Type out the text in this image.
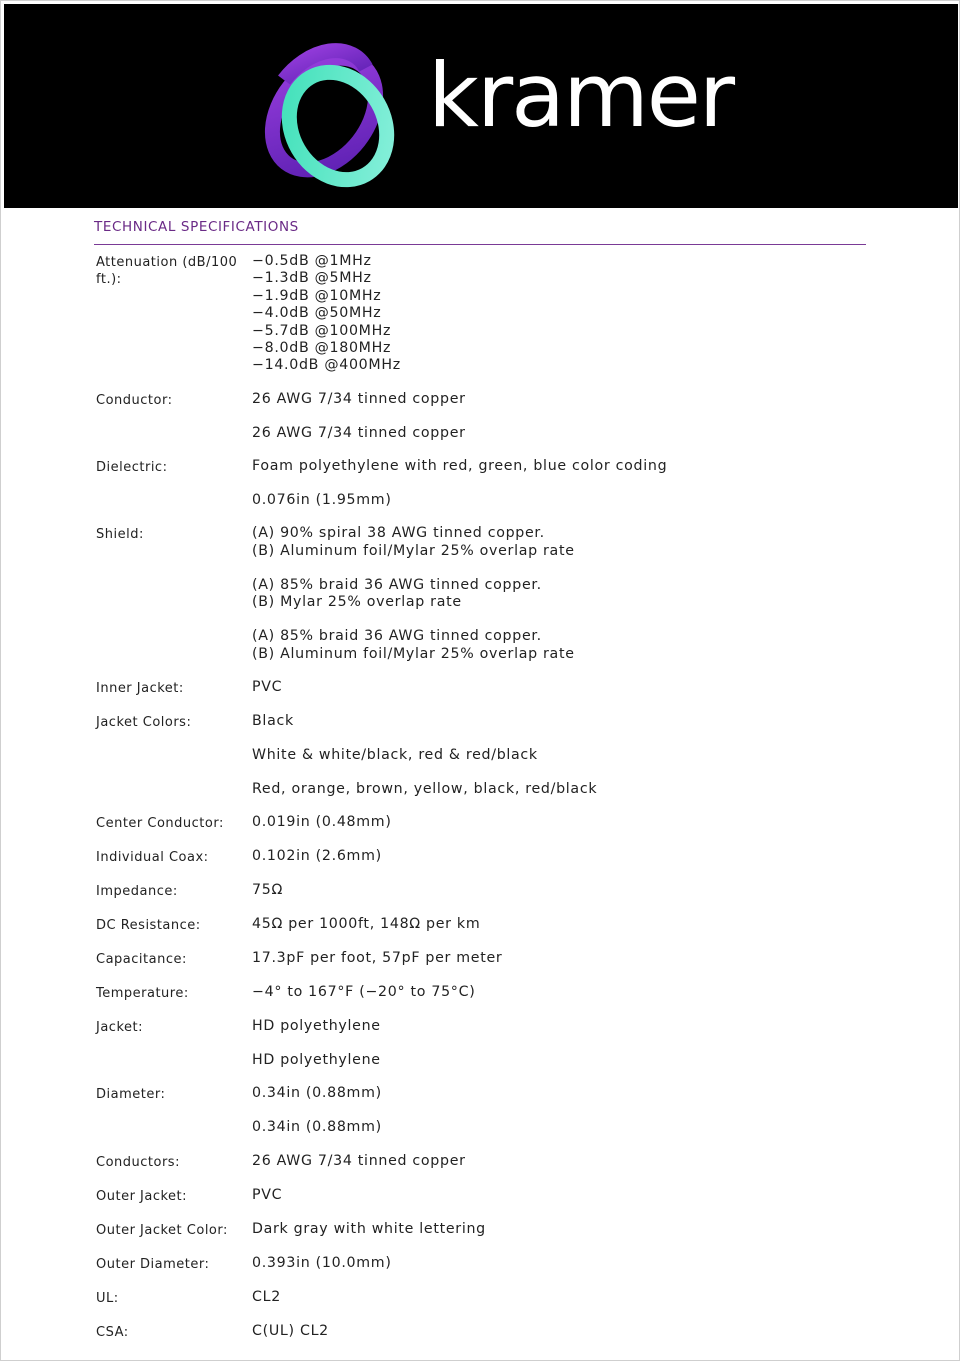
kramer
TECHNICAL SPECIFICATIONS
Attenuation (dB/100 ft.):
−0.5dB @1MHz
−1.3dB @5MHz
−1.9dB @10MHz
−4.0dB @50MHz
−5.7dB @100MHz
−8.0dB @180MHz
−14.0dB @400MHz
Conductor:	26 AWG 7/34 tinned copper
26 AWG 7/34 tinned copper
Dielectric:	Foam polyethylene with red, green, blue color coding
0.076in (1.95mm)
Shield:	(A) 90% spiral 38 AWG tinned copper.
(B) Aluminum foil/Mylar 25% overlap rate
(A) 85% braid 36 AWG tinned copper.
(B) Mylar 25% overlap rate
(A) 85% braid 36 AWG tinned copper.
(B) Aluminum foil/Mylar 25% overlap rate
Inner Jacket:	PVC
Jacket Colors:	Black
White & white/black, red & red/black
Red, orange, brown, yellow, black, red/black
Center Conductor:	0.019in (0.48mm)
Individual Coax:	0.102in (2.6mm)
Impedance:	75Ω
DC Resistance:	45Ω per 1000ft, 148Ω per km
Capacitance:	17.3pF per foot, 57pF per meter
Temperature:	−4° to 167°F (−20° to 75°C)
Jacket:	HD polyethylene
HD polyethylene
Diameter:	0.34in (0.88mm)
0.34in (0.88mm)
Conductors:	26 AWG 7/34 tinned copper
Outer Jacket:	PVC
Outer Jacket Color:	Dark gray with white lettering
Outer Diameter:	0.393in (10.0mm)
UL:	CL2
CSA:	C(UL) CL2
